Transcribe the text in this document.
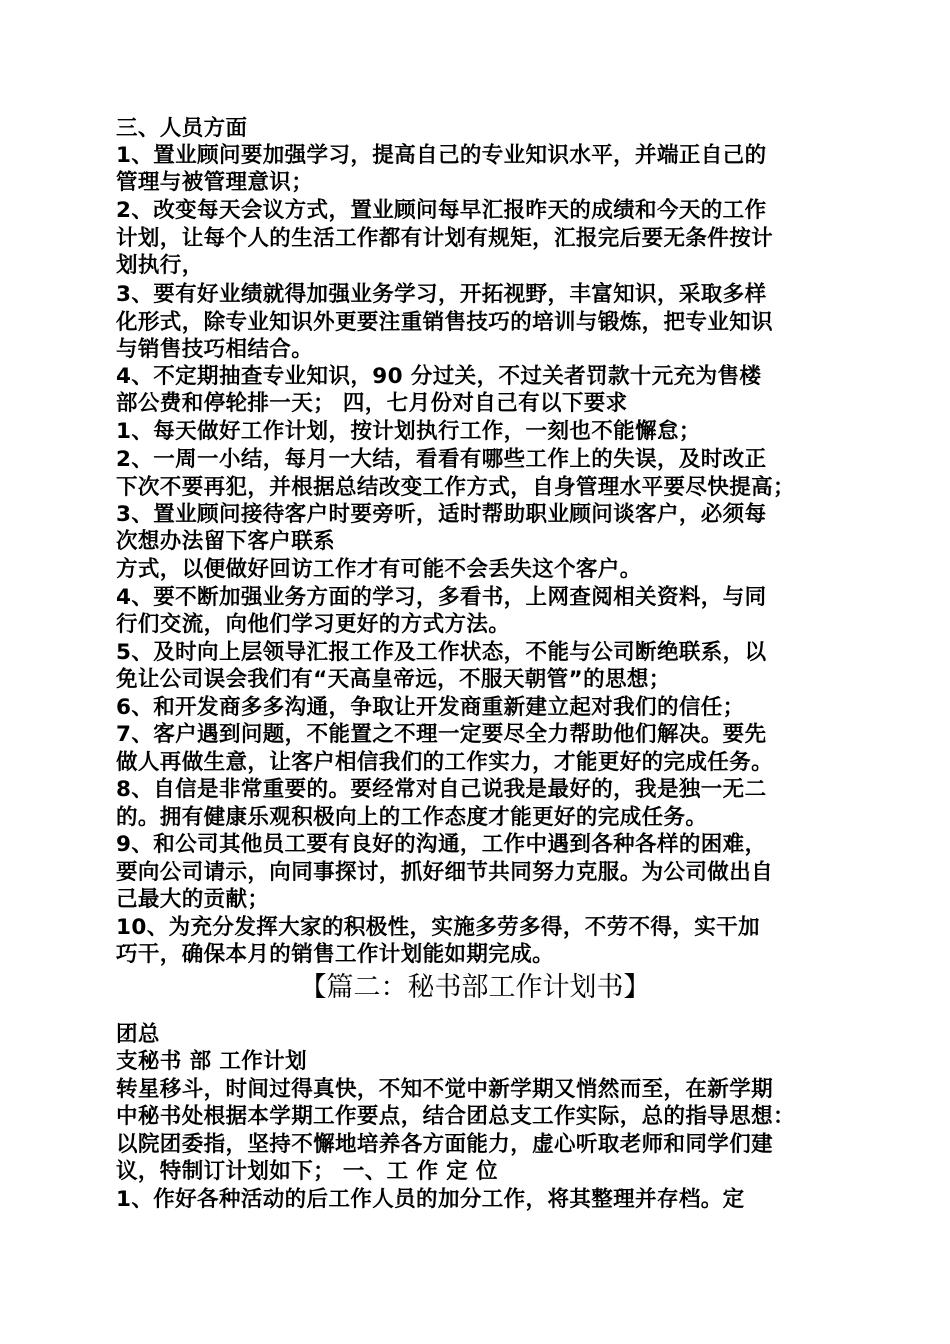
三、人员方面
1、置业顾问要加强学习，提高自己的专业知识水平，并端正自己的
管理与被管理意识；
2、改变每天会议方式，置业顾问每早汇报昨天的成绩和今天的工作
计划，让每个人的生活工作都有计划有规矩，汇报完后要无条件按计
划执行，
3、要有好业绩就得加强业务学习，开拓视野，丰富知识，采取多样
化形式，除专业知识外更要注重销售技巧的培训与锻炼，把专业知识
与销售技巧相结合。
4、不定期抽查专业知识，90 分过关，不过关者罚款十元充为售楼
部公费和停轮排一天； 四，七月份对自己有以下要求
1、每天做好工作计划，按计划执行工作，一刻也不能懈怠；
2、一周一小结，每月一大结，看看有哪些工作上的失误，及时改正
下次不要再犯，并根据总结改变工作方式，自身管理水平要尽快提高；
3、置业顾问接待客户时要旁听，适时帮助职业顾问谈客户，必须每
次想办法留下客户联系
方式，以便做好回访工作才有可能不会丢失这个客户。
4、要不断加强业务方面的学习，多看书，上网查阅相关资料，与同
行们交流，向他们学习更好的方式方法。
5、及时向上层领导汇报工作及工作状态，不能与公司断绝联系，以
免让公司误会我们有“天高皇帝远，不服天朝管”的思想；
6、和开发商多多沟通，争取让开发商重新建立起对我们的信任；
7、客户遇到问题，不能置之不理一定要尽全力帮助他们解决。要先
做人再做生意，让客户相信我们的工作实力，才能更好的完成任务。
8、自信是非常重要的。要经常对自己说我是最好的，我是独一无二
的。拥有健康乐观积极向上的工作态度才能更好的完成任务。
9、和公司其他员工要有良好的沟通，工作中遇到各种各样的困难，
要向公司请示，向同事探讨，抓好细节共同努力克服。为公司做出自
己最大的贡献；
10、为充分发挥大家的积极性，实施多劳多得，不劳不得，实干加
巧干，确保本月的销售工作计划能如期完成。
【篇二：秘书部工作计划书】
团总
支秘书 部 工作计划
转星移斗，时间过得真快，不知不觉中新学期又悄然而至，在新学期
中秘书处根据本学期工作要点，结合团总支工作实际，总的指导思想：
以院团委指，坚持不懈地培养各方面能力，虚心听取老师和同学们建
议，特制订计划如下； 一、工 作 定 位
1、作好各种活动的后工作人员的加分工作，将其整理并存档。定
